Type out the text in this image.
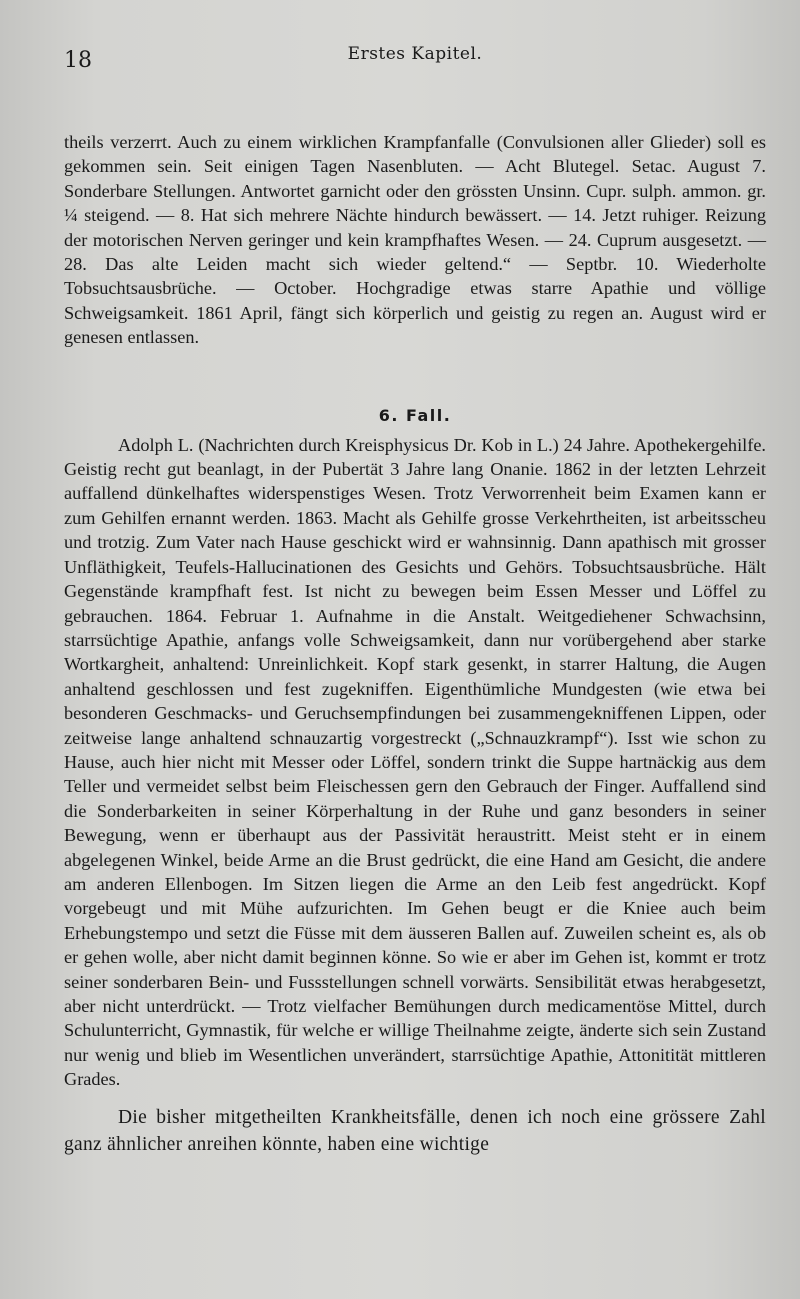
18	Erstes Kapitel.

theils verzerrt. Auch zu einem wirklichen Krampfanfalle (Convulsionen aller Glieder) soll es gekommen sein. Seit einigen Tagen Nasenbluten. — Acht Blutegel. Setac. August 7. Sonderbare Stellungen. Antwortet garnicht oder den grössten Unsinn. Cupr. sulph. ammon. gr. ¼ steigend. — 8. Hat sich mehrere Nächte hindurch bewässert. — 14. Jetzt ruhiger. Reizung der motorischen Nerven geringer und kein krampfhaftes Wesen. — 24. Cuprum ausgesetzt. — 28. Das alte Leiden macht sich wieder geltend.“ — Septbr. 10. Wiederholte Tobsuchtsausbrüche. — October. Hochgradige etwas starre Apathie und völlige Schweigsamkeit. 1861 April, fängt sich körperlich und geistig zu regen an. August wird er genesen entlassen.

6. Fall.

Adolph L. (Nachrichten durch Kreisphysicus Dr. Kob in L.) 24 Jahre. Apothekergehilfe. Geistig recht gut beanlagt, in der Pubertät 3 Jahre lang Onanie. 1862 in der letzten Lehrzeit auffallend dünkelhaftes widerspenstiges Wesen. Trotz Verworrenheit beim Examen kann er zum Gehilfen ernannt werden. 1863. Macht als Gehilfe grosse Verkehrtheiten, ist arbeitsscheu und trotzig. Zum Vater nach Hause geschickt wird er wahnsinnig. Dann apathisch mit grosser Unfläthigkeit, Teufels-Hallucinationen des Gesichts und Gehörs. Tobsuchtsausbrüche. Hält Gegenstände krampfhaft fest. Ist nicht zu bewegen beim Essen Messer und Löffel zu gebrauchen. 1864. Februar 1. Aufnahme in die Anstalt. Weitgediehener Schwachsinn, starrsüchtige Apathie, anfangs volle Schweigsamkeit, dann nur vorübergehend aber starke Wortkargheit, anhaltend: Unreinlichkeit. Kopf stark gesenkt, in starrer Haltung, die Augen anhaltend geschlossen und fest zugekniffen. Eigenthümliche Mundgesten (wie etwa bei besonderen Geschmacks- und Geruchsempfindungen bei zusammengekniffenen Lippen, oder zeitweise lange anhaltend schnauzartig vorgestreckt („Schnauzkrampf“). Isst wie schon zu Hause, auch hier nicht mit Messer oder Löffel, sondern trinkt die Suppe hartnäckig aus dem Teller und vermeidet selbst beim Fleischessen gern den Gebrauch der Finger. Auffallend sind die Sonderbarkeiten in seiner Körperhaltung in der Ruhe und ganz besonders in seiner Bewegung, wenn er überhaupt aus der Passivität heraustritt. Meist steht er in einem abgelegenen Winkel, beide Arme an die Brust gedrückt, die eine Hand am Gesicht, die andere am anderen Ellenbogen. Im Sitzen liegen die Arme an den Leib fest angedrückt. Kopf vorgebeugt und mit Mühe aufzurichten. Im Gehen beugt er die Kniee auch beim Erhebungstempo und setzt die Füsse mit dem äusseren Ballen auf. Zuweilen scheint es, als ob er gehen wolle, aber nicht damit beginnen könne. So wie er aber im Gehen ist, kommt er trotz seiner sonderbaren Bein- und Fussstellungen schnell vorwärts. Sensibilität etwas herabgesetzt, aber nicht unterdrückt. — Trotz vielfacher Bemühungen durch medicamentöse Mittel, durch Schulunterricht, Gymnastik, für welche er willige Theilnahme zeigte, änderte sich sein Zustand nur wenig und blieb im Wesentlichen unverändert, starrsüchtige Apathie, Attonitität mittleren Grades.

Die bisher mitgetheilten Krankheitsfälle, denen ich noch eine grössere Zahl ganz ähnlicher anreihen könnte, haben eine wichtige
